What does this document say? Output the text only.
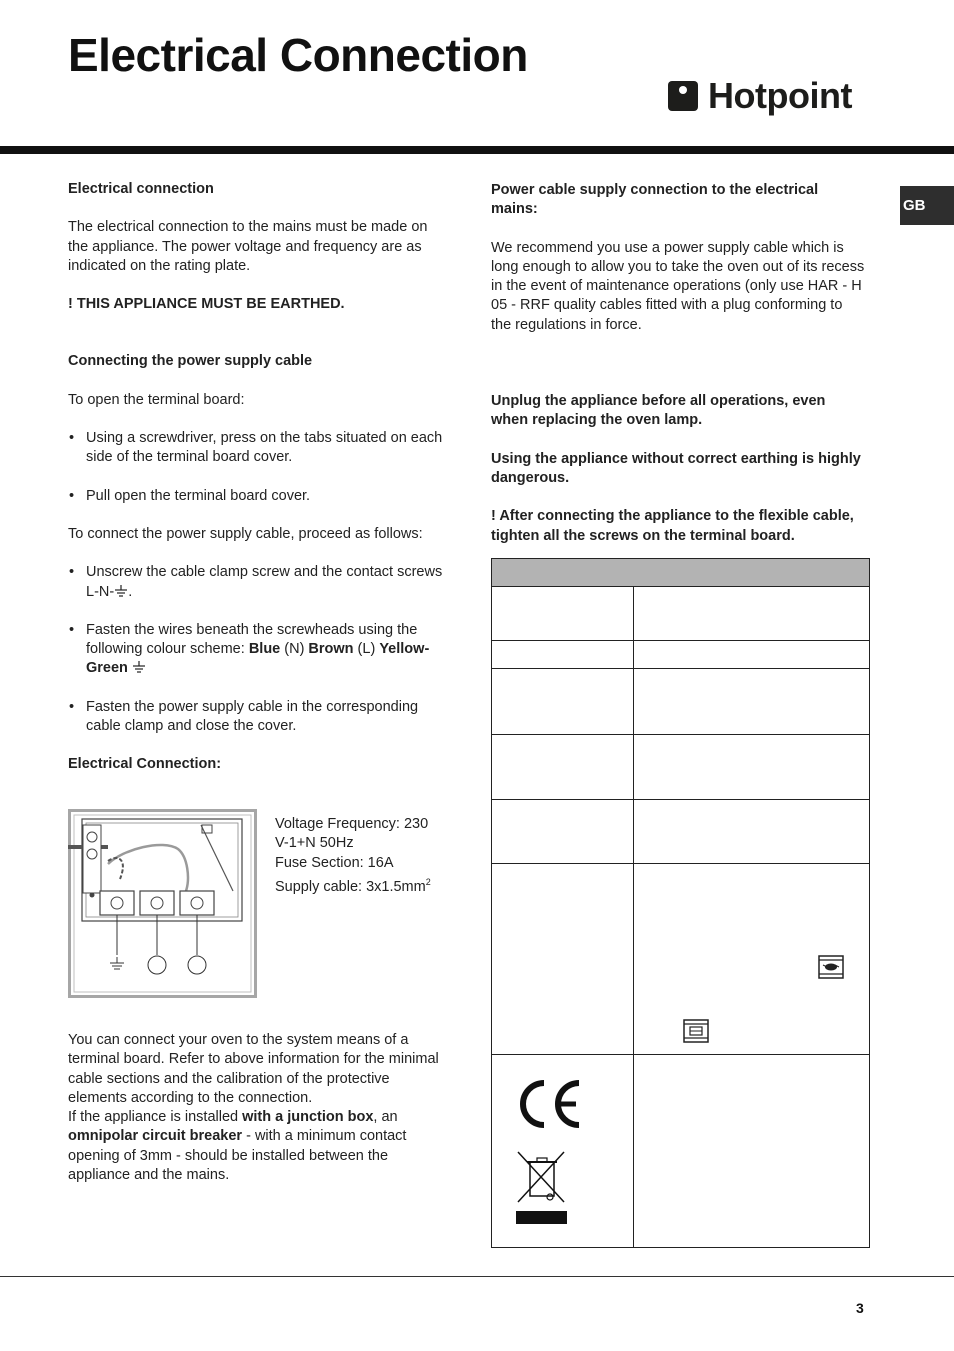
Electrical Connection
Hotpoint
GB

Electrical connection

The electrical connection to the mains must be made on the appliance. The power voltage and frequency are as indicated on the rating plate.

! THIS APPLIANCE MUST BE EARTHED.

Connecting the power supply cable

To open the terminal board:

• Using a screwdriver, press on the tabs situated on each side of the terminal board cover.
• Pull open the terminal board cover.

To connect the power supply cable, proceed as follows:

• Unscrew the cable clamp screw and the contact screws L-N- .
• Fasten the wires beneath the screwheads using the following colour scheme: Blue (N) Brown (L) Yellow-Green
• Fasten the power supply cable in the corresponding cable clamp and close the cover.

Electrical Connection:

Voltage Frequency: 230
V-1+N 50Hz
Fuse Section: 16A
Supply cable: $3x1.5mm^2$
You can connect your oven to the system means of a terminal board. Refer to above information for the minimal cable sections and the calibration of the protective elements according to the connection.
If the appliance is installed with a junction box, an omnipolar circuit breaker - with a minimum contact opening of 3mm - should be installed between the appliance and the mains.

Power cable supply connection to the electrical mains:

We recommend you use a power supply cable which is long enough to allow you to take the oven out of its recess in the event of maintenance operations (only use HAR - H 05 - RRF quality cables fitted with a plug conforming to the regulations in force.

Unplug the appliance before all operations, even when replacing the oven lamp.

Using the appliance without correct earthing is highly dangerous.

! After connecting the appliance to the flexible cable, tighten all the screws on the terminal board.

3
